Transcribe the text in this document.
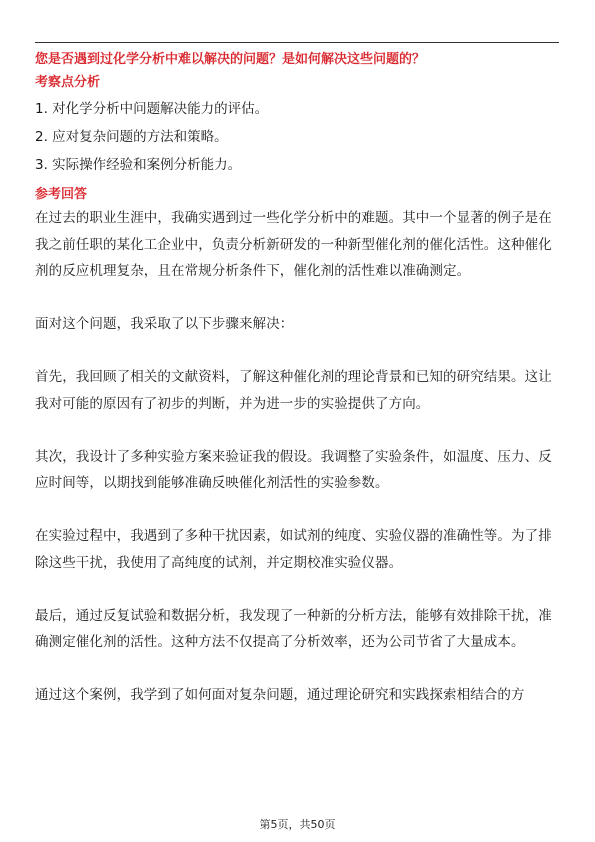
您是否遇到过化学分析中难以解决的问题？是如何解决这些问题的？

考察点分析

1. 对化学分析中问题解决能力的评估。
2. 应对复杂问题的方法和策略。
3. 实际操作经验和案例分析能力。

参考回答

在过去的职业生涯中，我确实遇到过一些化学分析中的难题。其中一个显著的例子是在我之前任职的某化工企业中，负责分析新研发的一种新型催化剂的催化活性。这种催化剂的反应机理复杂，且在常规分析条件下，催化剂的活性难以准确测定。

面对这个问题，我采取了以下步骤来解决：

首先，我回顾了相关的文献资料，了解这种催化剂的理论背景和已知的研究结果。这让我对可能的原因有了初步的判断，并为进一步的实验提供了方向。

其次，我设计了多种实验方案来验证我的假设。我调整了实验条件，如温度、压力、反应时间等，以期找到能够准确反映催化剂活性的实验参数。

在实验过程中，我遇到了多种干扰因素，如试剂的纯度、实验仪器的准确性等。为了排除这些干扰，我使用了高纯度的试剂，并定期校准实验仪器。

最后，通过反复试验和数据分析，我发现了一种新的分析方法，能够有效排除干扰，准确测定催化剂的活性。这种方法不仅提高了分析效率，还为公司节省了大量成本。

通过这个案例，我学到了如何面对复杂问题，通过理论研究和实践探索相结合的方

第5页，共50页
